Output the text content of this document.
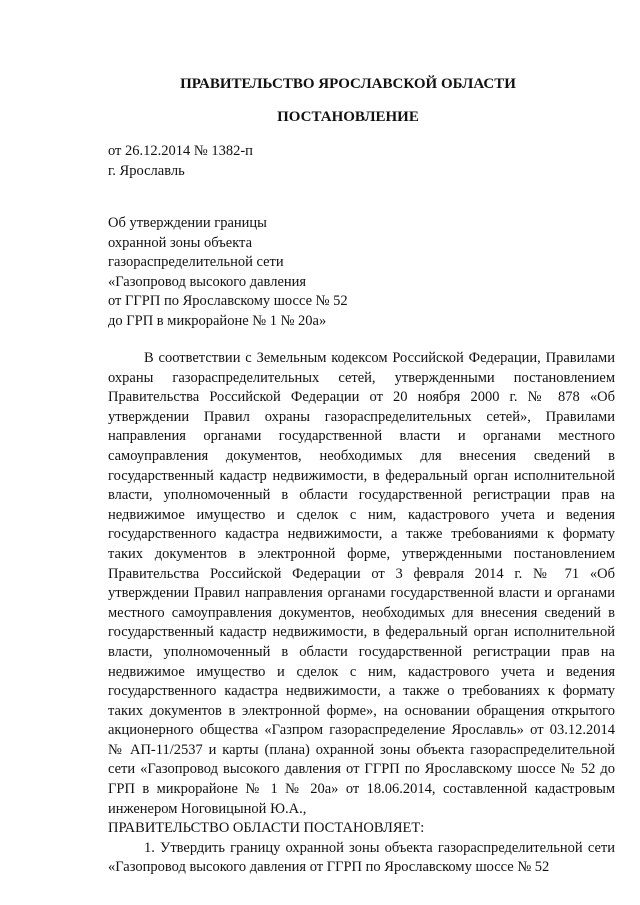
ПРАВИТЕЛЬСТВО ЯРОСЛАВСКОЙ ОБЛАСТИ
ПОСТАНОВЛЕНИЕ
от 26.12.2014 № 1382-п
г. Ярославль
Об утверждении границы
охранной зоны объекта
газораспределительной сети
«Газопровод высокого давления
от ГГРП по Ярославскому шоссе № 52
до ГРП в микрорайоне № 1 № 20а»

В соответствии с Земельным кодексом Российской Федерации, Правилами охраны газораспределительных сетей, утвержденными постановлением Правительства Российской Федерации от 20 ноября 2000 г. № 878 «Об утверждении Правил охраны газораспределительных сетей», Правилами направления органами государственной власти и органами местного самоуправления документов, необходимых для внесения сведений в государственный кадастр недвижимости, в федеральный орган исполнительной власти, уполномоченный в области государственной регистрации прав на недвижимое имущество и сделок с ним, кадастрового учета и ведения государственного кадастра недвижимости, а также требованиями к формату таких документов в электронной форме, утвержденными постановлением Правительства Российской Федерации от 3 февраля 2014 г. № 71 «Об утверждении Правил направления органами государственной власти и органами местного самоуправления документов, необходимых для внесения сведений в государственный кадастр недвижимости, в федеральный орган исполнительной власти, уполномоченный в области государственной регистрации прав на недвижимое имущество и сделок с ним, кадастрового учета и ведения государственного кадастра недвижимости, а также о требованиях к формату таких документов в электронной форме», на основании обращения открытого акционерного общества «Газпром газораспределение Ярославль» от 03.12.2014 № АП-11/2537 и карты (плана) охранной зоны объекта газораспределительной сети «Газопровод высокого давления от ГГРП по Ярославскому шоссе № 52 до ГРП в микрорайоне № 1 № 20а» от 18.06.2014, составленной кадастровым инженером Ноговицыной Ю.А.,

ПРАВИТЕЛЬСТВО ОБЛАСТИ ПОСТАНОВЛЯЕТ:

1. Утвердить границу охранной зоны объекта газораспределительной сети «Газопровод высокого давления от ГГРП по Ярославскому шоссе № 52
